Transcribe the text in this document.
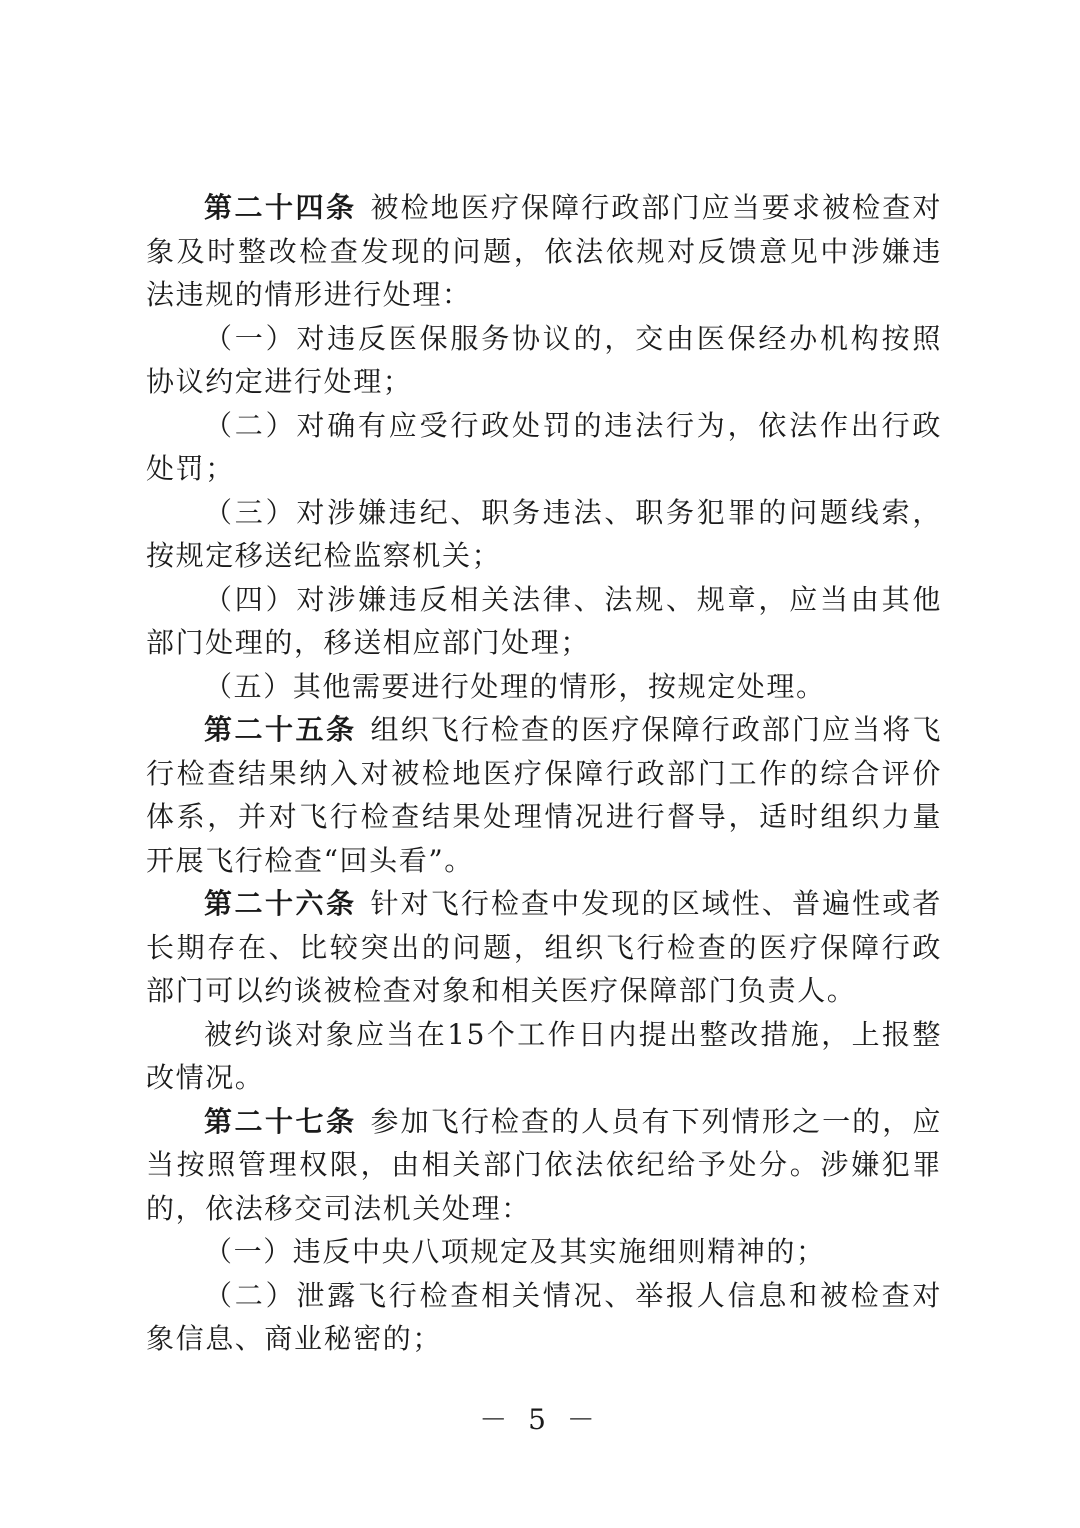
第二十四条 被检地医疗保障行政部门应当要求被检查对象及时整改检查发现的问题，依法依规对反馈意见中涉嫌违法违规的情形进行处理：

（一）对违反医保服务协议的，交由医保经办机构按照协议约定进行处理；

（二）对确有应受行政处罚的违法行为，依法作出行政处罚；

（三）对涉嫌违纪、职务违法、职务犯罪的问题线索，按规定移送纪检监察机关；

（四）对涉嫌违反相关法律、法规、规章，应当由其他部门处理的，移送相应部门处理；

（五）其他需要进行处理的情形，按规定处理。

第二十五条 组织飞行检查的医疗保障行政部门应当将飞行检查结果纳入对被检地医疗保障行政部门工作的综合评价体系，并对飞行检查结果处理情况进行督导，适时组织力量开展飞行检查“回头看”。

第二十六条 针对飞行检查中发现的区域性、普遍性或者长期存在、比较突出的问题，组织飞行检查的医疗保障行政部门可以约谈被检查对象和相关医疗保障部门负责人。

被约谈对象应当在15个工作日内提出整改措施，上报整改情况。

第二十七条 参加飞行检查的人员有下列情形之一的，应当按照管理权限，由相关部门依法依纪给予处分。涉嫌犯罪的，依法移交司法机关处理：

（一）违反中央八项规定及其实施细则精神的；

（二）泄露飞行检查相关情况、举报人信息和被检查对象信息、商业秘密的；

－ 5 －
